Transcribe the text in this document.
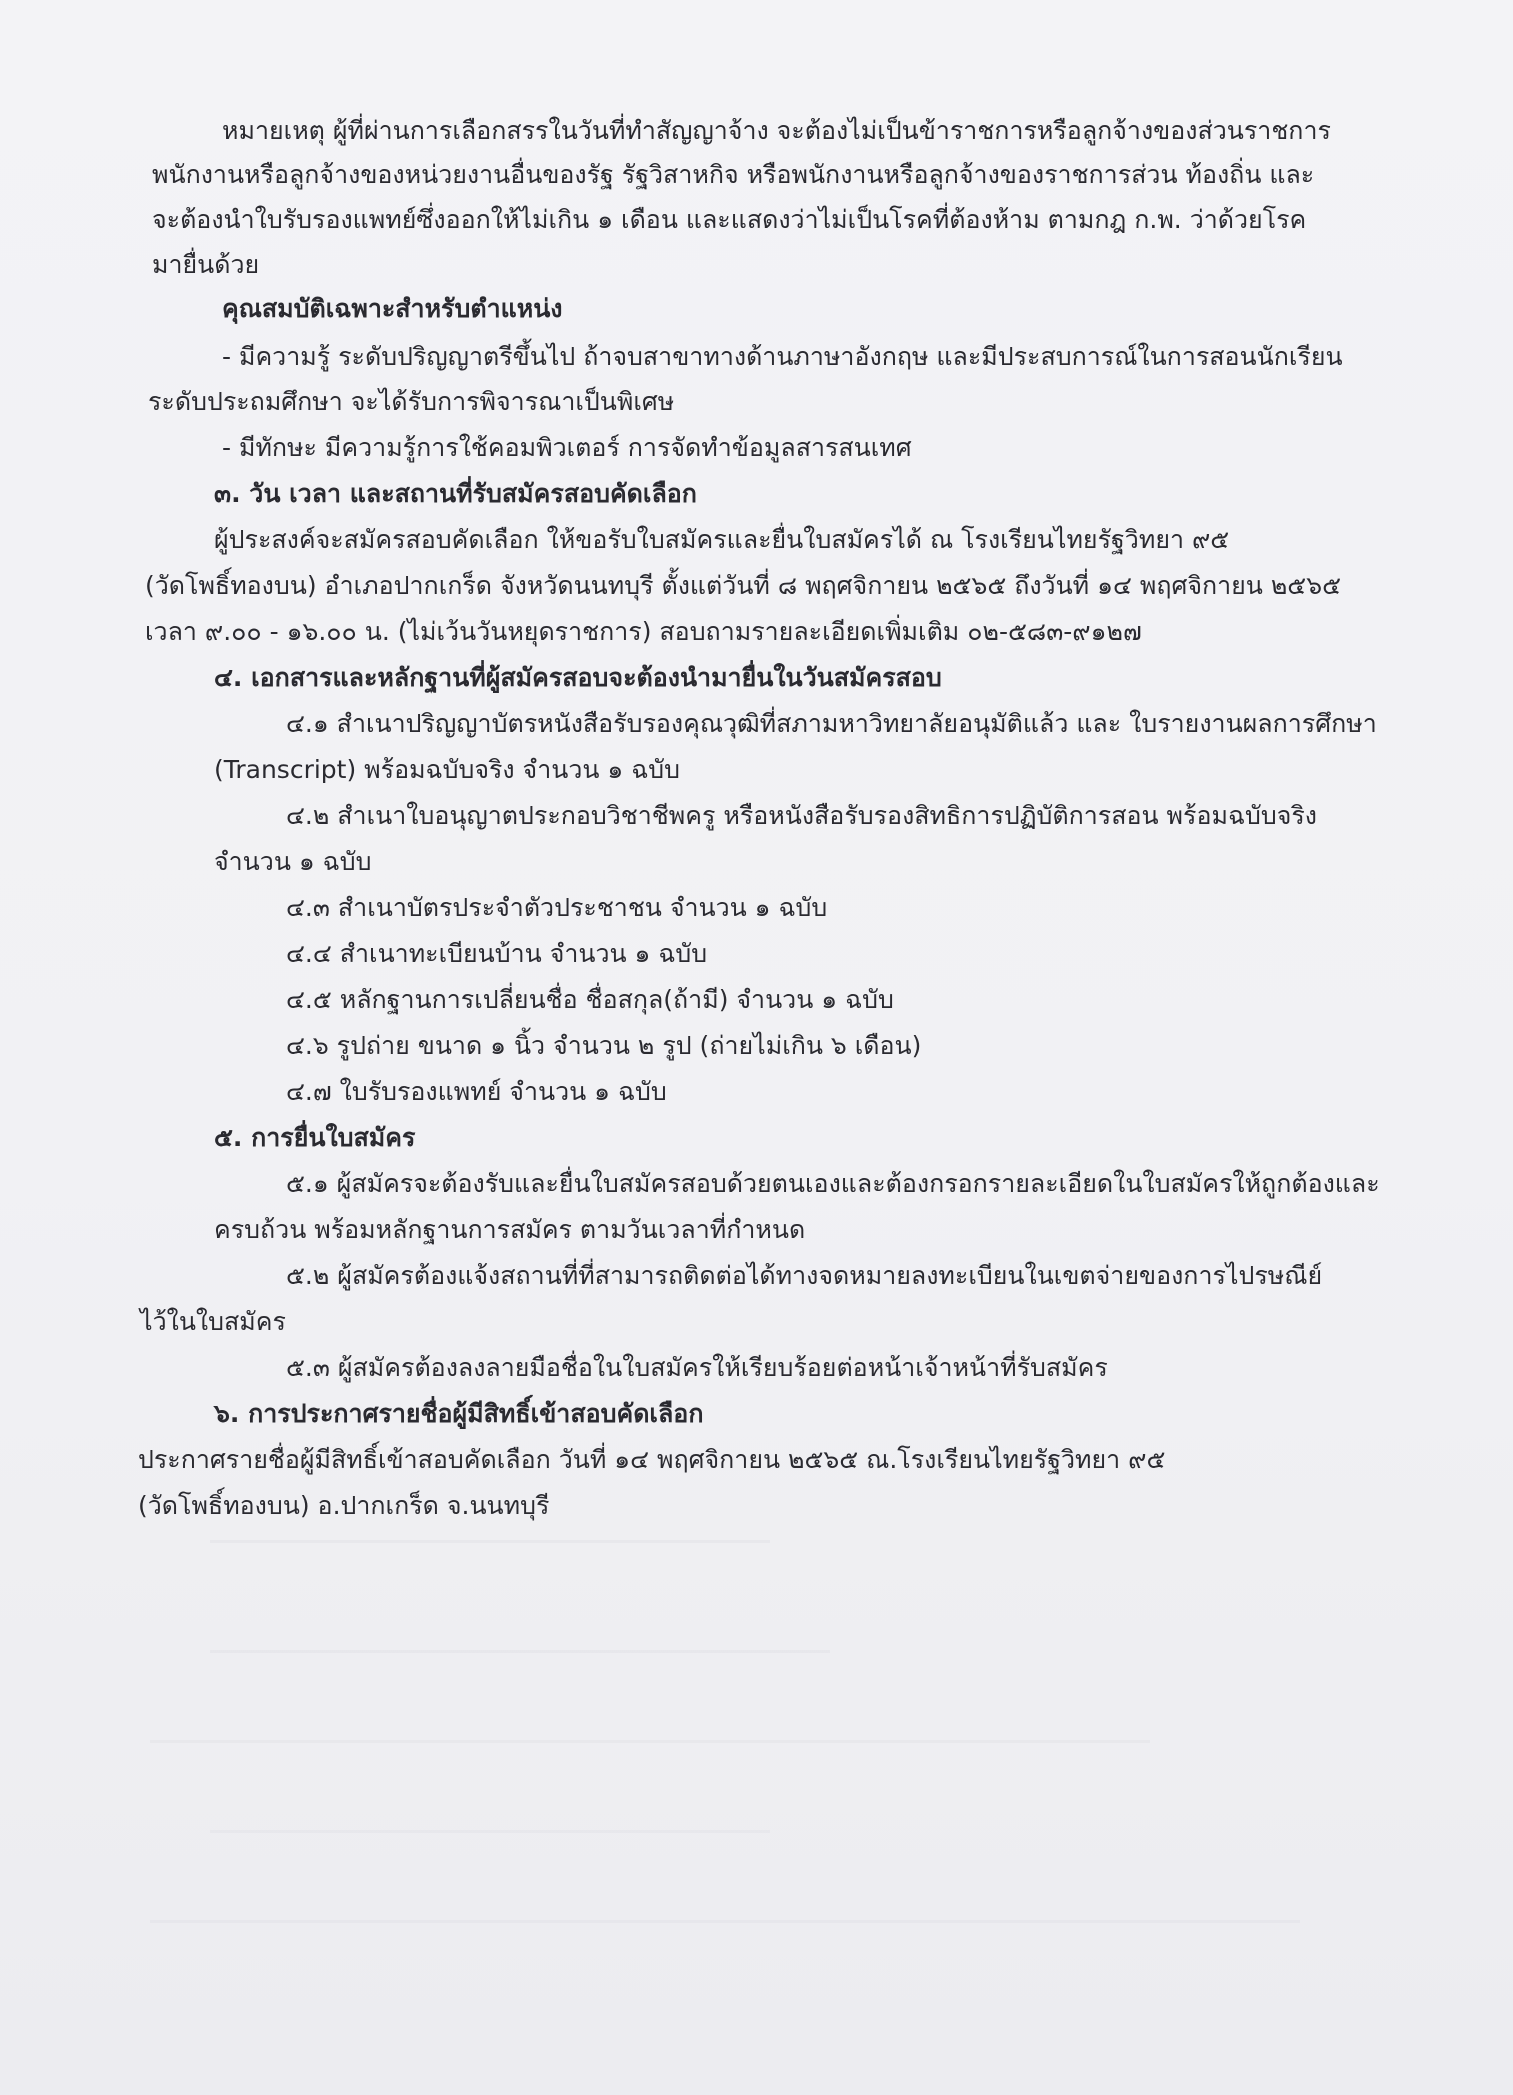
หมายเหตุ ผู้ที่ผ่านการเลือกสรรในวันที่ทำสัญญาจ้าง จะต้องไม่เป็นข้าราชการหรือลูกจ้างของส่วนราชการ
พนักงานหรือลูกจ้างของหน่วยงานอื่นของรัฐ รัฐวิสาหกิจ หรือพนักงานหรือลูกจ้างของราชการส่วน ท้องถิ่น และ
จะต้องนำใบรับรองแพทย์ซึ่งออกให้ไม่เกิน ๑ เดือน และแสดงว่าไม่เป็นโรคที่ต้องห้าม ตามกฎ ก.พ. ว่าด้วยโรค
มายื่นด้วย
คุณสมบัติเฉพาะสำหรับตำแหน่ง
- มีความรู้ ระดับปริญญาตรีขึ้นไป ถ้าจบสาขาทางด้านภาษาอังกฤษ และมีประสบการณ์ในการสอนนักเรียน
ระดับประถมศึกษา จะได้รับการพิจารณาเป็นพิเศษ
- มีทักษะ มีความรู้การใช้คอมพิวเตอร์ การจัดทำข้อมูลสารสนเทศ
๓. วัน เวลา และสถานที่รับสมัครสอบคัดเลือก
ผู้ประสงค์จะสมัครสอบคัดเลือก ให้ขอรับใบสมัครและยื่นใบสมัครได้ ณ โรงเรียนไทยรัฐวิทยา ๙๕
(วัดโพธิ์ทองบน) อำเภอปากเกร็ด จังหวัดนนทบุรี ตั้งแต่วันที่ ๘ พฤศจิกายน ๒๕๖๕ ถึงวันที่ ๑๔ พฤศจิกายน ๒๕๖๕
เวลา ๙.๐๐ - ๑๖.๐๐ น. (ไม่เว้นวันหยุดราชการ) สอบถามรายละเอียดเพิ่มเติม ๐๒-๕๘๓-๙๑๒๗
๔. เอกสารและหลักฐานที่ผู้สมัครสอบจะต้องนำมายื่นในวันสมัครสอบ
๔.๑ สำเนาปริญญาบัตรหนังสือรับรองคุณวุฒิที่สภามหาวิทยาลัยอนุมัติแล้ว และ ใบรายงานผลการศึกษา
(Transcript) พร้อมฉบับจริง จำนวน ๑ ฉบับ
๔.๒ สำเนาใบอนุญาตประกอบวิชาชีพครู หรือหนังสือรับรองสิทธิการปฏิบัติการสอน พร้อมฉบับจริง
จำนวน ๑ ฉบับ
๔.๓ สำเนาบัตรประจำตัวประชาชน จำนวน ๑ ฉบับ
๔.๔ สำเนาทะเบียนบ้าน จำนวน ๑ ฉบับ
๔.๕ หลักฐานการเปลี่ยนชื่อ ชื่อสกุล(ถ้ามี) จำนวน ๑ ฉบับ
๔.๖ รูปถ่าย ขนาด ๑ นิ้ว จำนวน ๒ รูป (ถ่ายไม่เกิน ๖ เดือน)
๔.๗ ใบรับรองแพทย์ จำนวน ๑ ฉบับ
๕. การยื่นใบสมัคร
๕.๑ ผู้สมัครจะต้องรับและยื่นใบสมัครสอบด้วยตนเองและต้องกรอกรายละเอียดในใบสมัครให้ถูกต้องและ
ครบถ้วน พร้อมหลักฐานการสมัคร ตามวันเวลาที่กำหนด
๕.๒ ผู้สมัครต้องแจ้งสถานที่ที่สามารถติดต่อได้ทางจดหมายลงทะเบียนในเขตจ่ายของการไปรษณีย์
ไว้ในใบสมัคร
๕.๓ ผู้สมัครต้องลงลายมือชื่อในใบสมัครให้เรียบร้อยต่อหน้าเจ้าหน้าที่รับสมัคร
๖. การประกาศรายชื่อผู้มีสิทธิ์เข้าสอบคัดเลือก
ประกาศรายชื่อผู้มีสิทธิ์เข้าสอบคัดเลือก วันที่ ๑๔ พฤศจิกายน ๒๕๖๕ ณ.โรงเรียนไทยรัฐวิทยา ๙๕
(วัดโพธิ์ทองบน) อ.ปากเกร็ด จ.นนทบุรี
